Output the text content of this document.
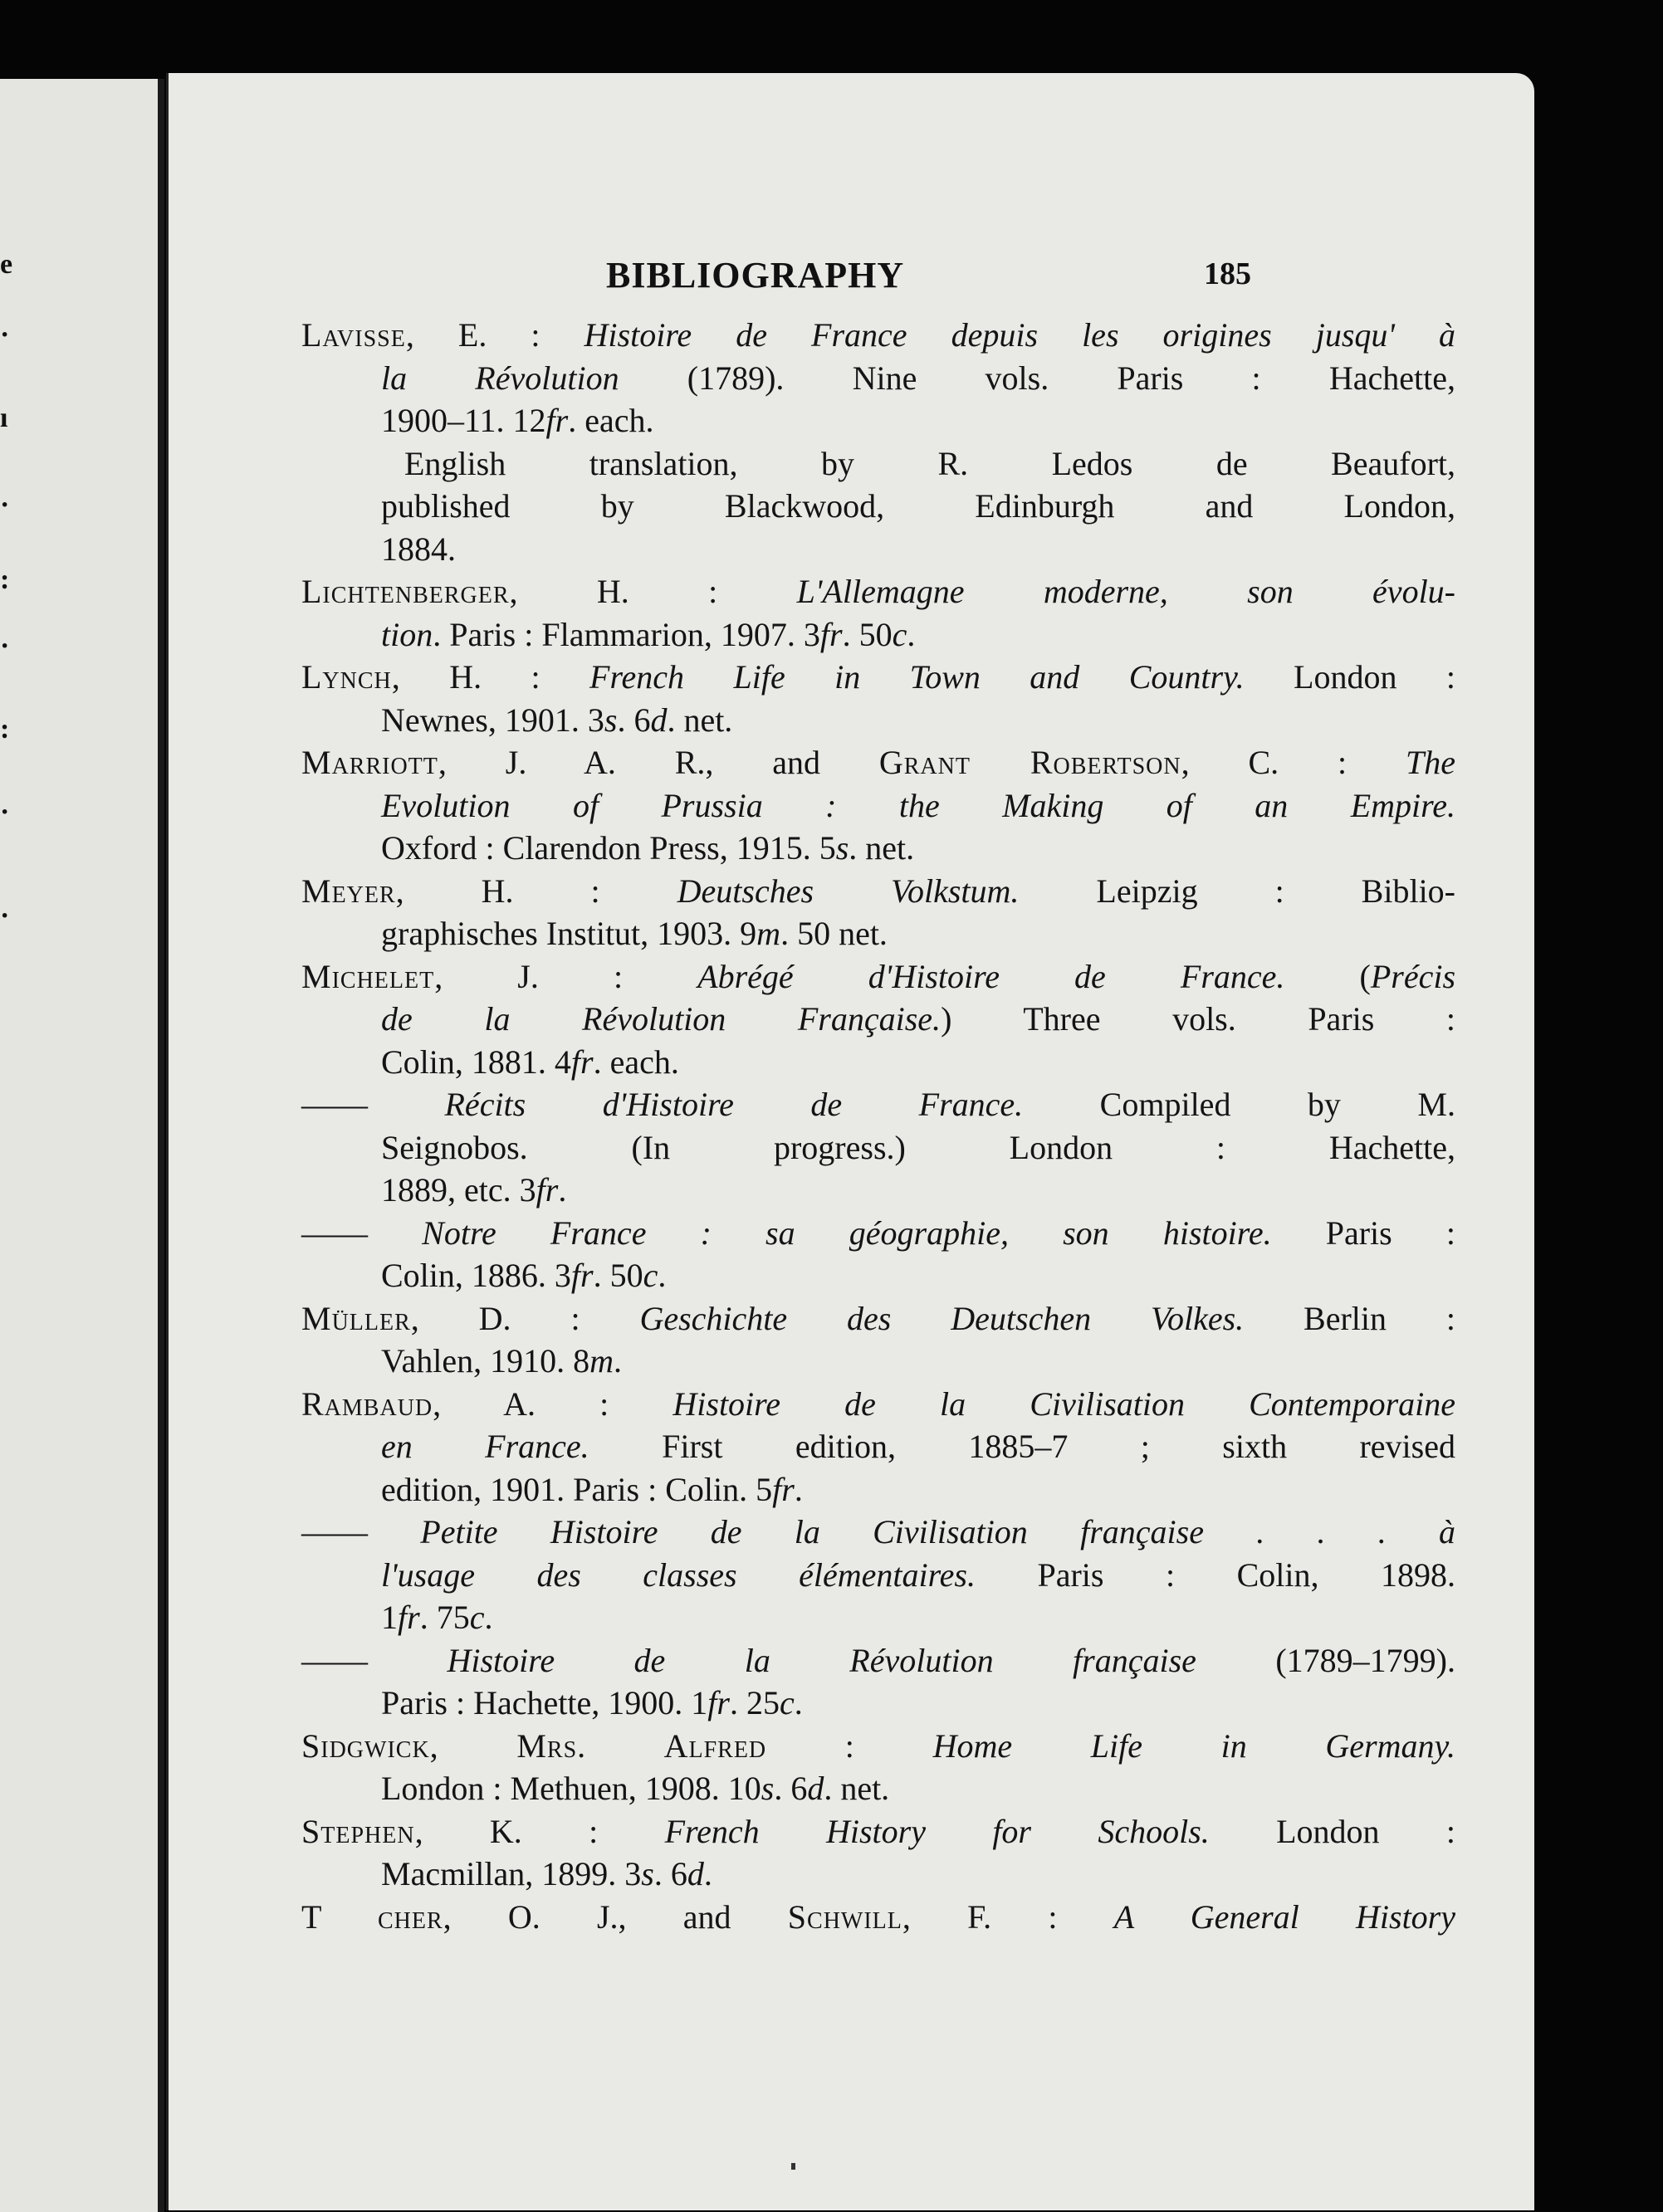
e
·
ı
·
:
·
:
·
·
BIBLIOGRAPHY	185
Lavisse, E. : Histoire de France depuis les origines jusqu' à
la Révolution (1789). Nine vols. Paris : Hachette,
1900–11. 12fr. each.
English translation, by R. Ledos de Beaufort,
published by Blackwood, Edinburgh and London,
1884.
Lichtenberger, H. : L'Allemagne moderne, son évolu-
tion. Paris : Flammarion, 1907. 3fr. 50c.
Lynch, H. : French Life in Town and Country. London :
Newnes, 1901. 3s. 6d. net.
Marriott, J. A. R., and Grant Robertson, C. : The
Evolution of Prussia : the Making of an Empire.
Oxford : Clarendon Press, 1915. 5s. net.
Meyer, H. : Deutsches Volkstum. Leipzig : Biblio-
graphisches Institut, 1903. 9m. 50 net.
Michelet, J. : Abrégé d'Histoire de France. (Précis
de la Révolution Française.) Three vols. Paris :
Colin, 1881. 4fr. each.
—— Récits d'Histoire de France. Compiled by M.
Seignobos. (In progress.) London : Hachette,
1889, etc. 3fr.
—— Notre France : sa géographie, son histoire. Paris :
Colin, 1886. 3fr. 50c.
Müller, D. : Geschichte des Deutschen Volkes. Berlin :
Vahlen, 1910. 8m.
Rambaud, A. : Histoire de la Civilisation Contemporaine
en France. First edition, 1885–7 ; sixth revised
edition, 1901. Paris : Colin. 5fr.
—— Petite Histoire de la Civilisation française . . . à
l'usage des classes élémentaires. Paris : Colin, 1898.
1fr. 75c.
—— Histoire de la Révolution française (1789–1799).
Paris : Hachette, 1900. 1fr. 25c.
Sidgwick, Mrs. Alfred : Home Life in Germany.
London : Methuen, 1908. 10s. 6d. net.
Stephen, K. : French History for Schools. London :
Macmillan, 1899. 3s. 6d.
T cher, O. J., and Schwill, F. : A General History
